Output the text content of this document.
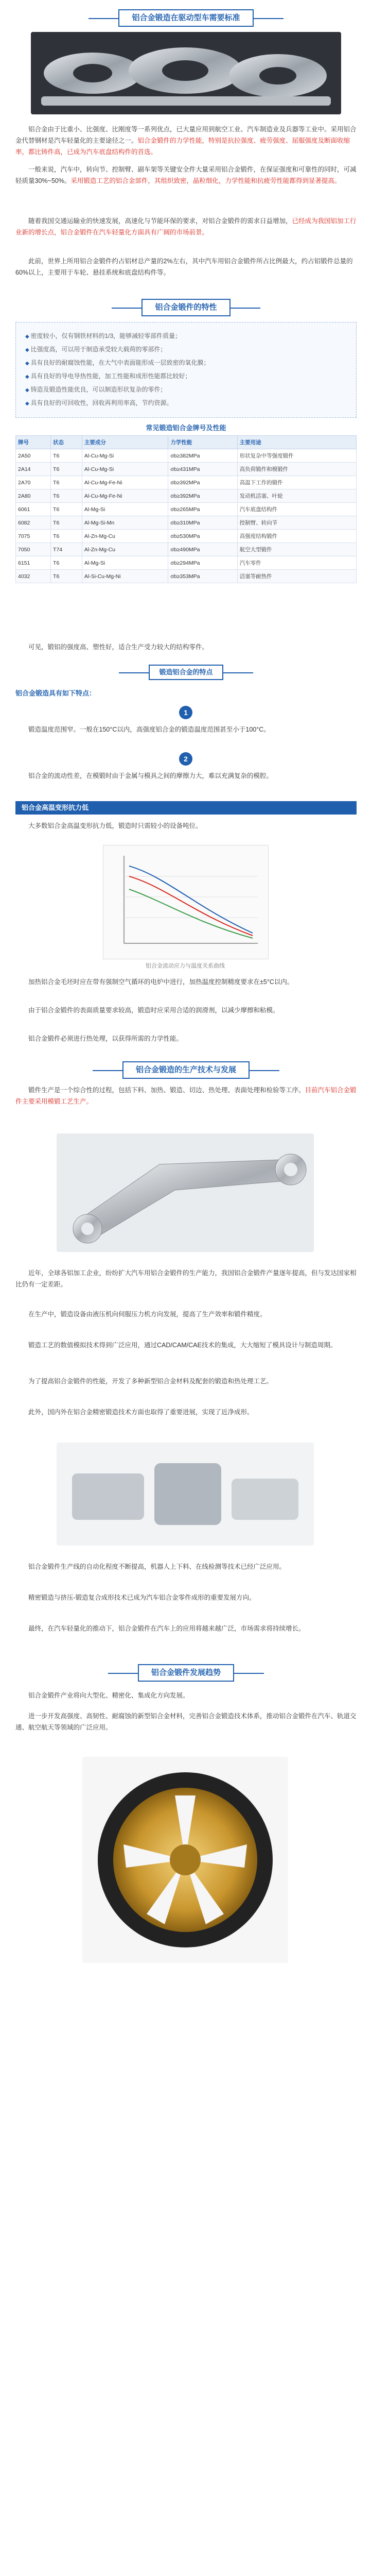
铝合金锻造在驱动型车需要标准

铝合金由于比重小、比强度、比刚度等一系列优点，已大量应用到航空工业、汽车制造业及兵器等工业中。采用铝合金代替钢材是汽车轻量化的主要途径之一。铝合金锻件的力学性能，特别是抗拉强度、疲劳强度、屈服强度及断面收缩率，都比铸件高，已成为汽车底盘结构件的首选。

一般来说，汽车中，转向节、控制臂、副车架等关键安全件大量采用铝合金锻件，在保证强度和可靠性的同时，可减轻质量30%~50%。采用锻造工艺的铝合金部件，其组织致密，晶粒细化，力学性能和抗疲劳性能都得到显著提高。

随着我国交通运输业的快速发展，高速化与节能环保的要求，对铝合金锻件的需求日益增加，已经成为我国铝加工行业新的增长点，铝合金锻件在汽车轻量化方面具有广阔的市场前景。

此前，世界上所用铝合金锻件约占铝材总产量的2%左右，其中汽车用铝合金锻件所占比例最大，约占铝锻件总量的60%以上，主要用于车轮、悬挂系统和底盘结构件等。

铝合金锻件的特性
◆ 密度较小，仅有钢铁材料的1/3，能够减轻零部件质量；
◆ 比强度高，可以用于制造承受较大载荷的零部件；
◆ 具有良好的耐腐蚀性能，在大气中表面能形成一层致密的氧化膜；
◆ 具有良好的导电导热性能，加工性能和成形性能都比较好；
◆ 铸造及锻造性能优良，可以制造形状复杂的零件；
◆ 具有良好的可回收性，回收再利用率高，节约资源。
常见锻造铝合金牌号及性能
牌号	状态	主要成分	力学性能	主要用途
2A50	T6	Al-Cu-Mg-Si	σb≥382MPa	形状复杂中等强度锻件
2A14	T6	Al-Cu-Mg-Si	σb≥431MPa	高负荷锻件和模锻件
2A70	T6	Al-Cu-Mg-Fe-Ni	σb≥392MPa	高温下工作的锻件
2A80	T6	Al-Cu-Mg-Fe-Ni	σb≥392MPa	发动机活塞、叶轮
6061	T6	Al-Mg-Si	σb≥265MPa	汽车底盘结构件
6082	T6	Al-Mg-Si-Mn	σb≥310MPa	控制臂、转向节
7075	T6	Al-Zn-Mg-Cu	σb≥530MPa	高强度结构锻件
7050	T74	Al-Zn-Mg-Cu	σb≥490MPa	航空大型锻件
6151	T6	Al-Mg-Si	σb≥294MPa	汽车零件
4032	T6	Al-Si-Cu-Mg-Ni	σb≥353MPa	活塞等耐热件

可见，锻铝的强度高、塑性好，适合生产受力较大的结构零件。

锻造铝合金的特点
铝合金锻造具有如下特点：
1

锻造温度范围窄。一般在150°C以内，高强度铝合金的锻造温度范围甚至小于100°C。

2

铝合金的流动性差，在模锻时由于金属与模具之间的摩擦力大，难以充满复杂的模腔。

铝合金高温变形抗力低

大多数铝合金高温变形抗力低，锻造时只需较小的设备吨位。

铝合金流动应力与温度关系曲线

加热铝合金毛坯时应在带有强制空气循环的电炉中进行，加热温度控制精度要求在±5°C以内。

由于铝合金锻件的表面质量要求较高，锻造时应采用合适的润滑剂，以减少摩擦和粘模。

铝合金锻件必须进行热处理，以获得所需的力学性能。

铝合金锻造的生产技术与发展

锻件生产是一个综合性的过程，包括下料、加热、锻造、切边、热处理、表面处理和检验等工序。目前汽车铝合金锻件主要采用模锻工艺生产。

近年，全球各铝加工企业，纷纷扩大汽车用铝合金锻件的生产能力，我国铝合金锻件产量逐年提高，但与发达国家相比仍有一定差距。

在生产中，锻造设备由液压机向伺服压力机方向发展，提高了生产效率和锻件精度。

锻造工艺的数值模拟技术得到广泛应用，通过CAD/CAM/CAE技术的集成，大大缩短了模具设计与制造周期。

为了提高铝合金锻件的性能，开发了多种新型铝合金材料及配套的锻造和热处理工艺。

此外，国内外在铝合金精密锻造技术方面也取得了重要进展，实现了近净成形。

铝合金锻件生产线的自动化程度不断提高，机器人上下料、在线检测等技术已经广泛应用。

精密锻造与挤压-锻造复合成形技术已成为汽车铝合金零件成形的重要发展方向。

最终，在汽车轻量化的推动下，铝合金锻件在汽车上的应用将越来越广泛，市场需求将持续增长。

铝合金锻件发展趋势

铝合金锻件产业将向大型化、精密化、集成化方向发展。

进一步开发高强度、高韧性、耐腐蚀的新型铝合金材料，完善铝合金锻造技术体系，推动铝合金锻件在汽车、轨道交通、航空航天等领域的广泛应用。
